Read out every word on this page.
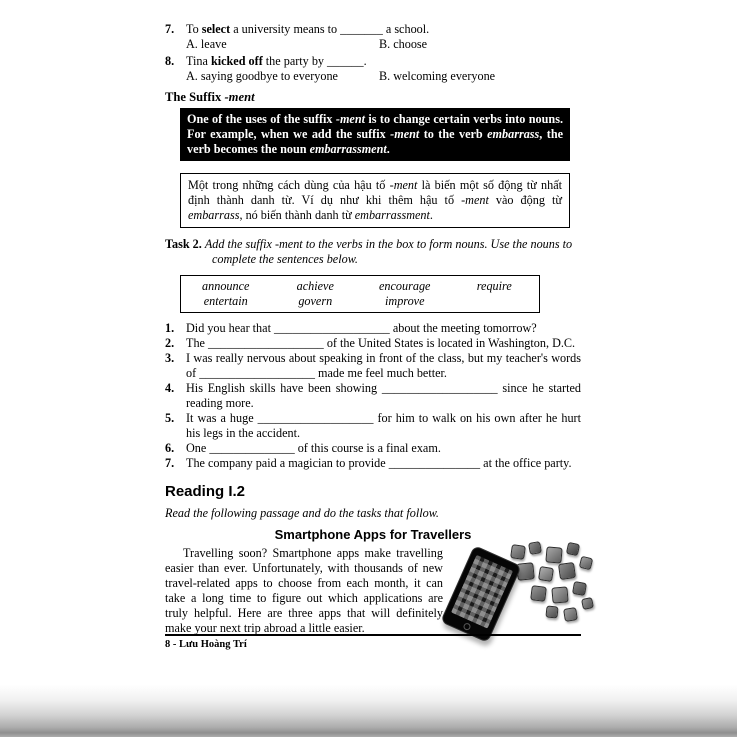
7. To select a university means to _______ a school.
A. leave	B. choose
8. Tina kicked off the party by ______.
A. saying goodbye to everyone	B. welcoming everyone
The Suffix -ment
One of the uses of the suffix -ment is to change certain verbs into nouns. For example, when we add the suffix -ment to the verb embarrass, the verb becomes the noun embarrassment.
Một trong những cách dùng của hậu tố -ment là biến một số động từ nhất định thành danh từ. Ví dụ như khi thêm hậu tố -ment vào động từ embarrass, nó biến thành danh từ embarrassment.
Task 2. Add the suffix -ment to the verbs in the box to form nouns. Use the nouns to complete the sentences below.
announce	achieve	encourage	require
entertain	govern	improve
1. Did you hear that ___________________ about the meeting tomorrow?
2. The ___________________ of the United States is located in Washington, D.C.
3. I was really nervous about speaking in front of the class, but my teacher's words of ___________________ made me feel much better.
4. His English skills have been showing ___________________ since he started reading more.
5. It was a huge ___________________ for him to walk on his own after he hurt his legs in the accident.
6. One ______________ of this course is a final exam.
7. The company paid a magician to provide _______________ at the office party.
Reading I.2
Read the following passage and do the tasks that follow.
Smartphone Apps for Travellers
Travelling soon? Smartphone apps make travelling easier than ever. Unfortunately, with thousands of new travel-related apps to choose from each month, it can take a long time to figure out which applications are truly helpful. Here are three apps that will definitely make your next trip abroad a little easier.
8 - Lưu Hoàng Trí
